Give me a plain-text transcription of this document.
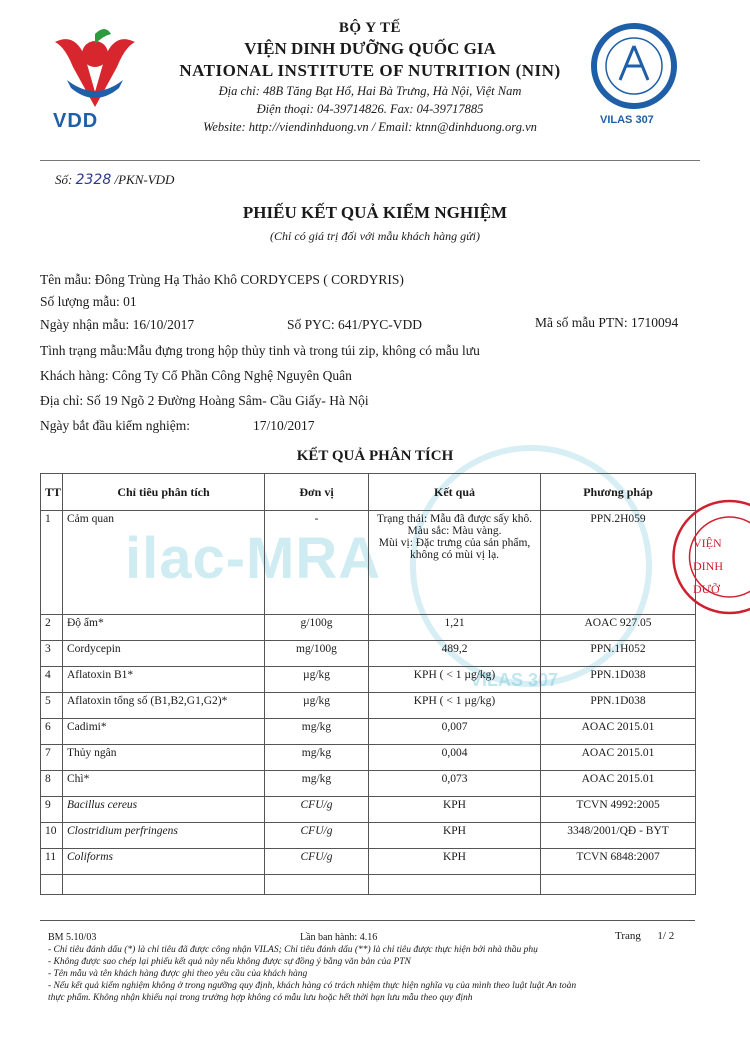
ilac-MRA
VILAS 307
VDD
BỘ Y TẾ
VIỆN DINH DƯỠNG QUỐC GIA
NATIONAL INSTITUTE OF NUTRITION (NIN)
Địa chỉ: 48B Tăng Bạt Hổ, Hai Bà Trưng, Hà Nội, Việt Nam
Điện thoại: 04-39714826. Fax: 04-39717885
Website: http://viendinhduong.vn / Email: ktnn@dinhduong.org.vn	VILAS 307
Số: 2328 /PKN-VDD
PHIẾU KẾT QUẢ KIỂM NGHIỆM
(Chỉ có giá trị đối với mẫu khách hàng gửi)
Tên mẫu: Đông Trùng Hạ Thảo Khô CORDYCEPS ( CORDYRIS)
Số lượng mẫu: 01
Ngày nhận mẫu: 16/10/2017	Số PYC: 641/PYC-VDD	Mã số mẫu PTN: 1710094
Tình trạng mẫu:Mẫu đựng trong hộp thủy tinh và trong túi zip, không có mẫu lưu
Khách hàng: Công Ty Cổ Phần Công Nghệ Nguyên Quân
Địa chỉ: Số 19 Ngõ 2 Đường Hoàng Sâm- Cầu Giấy- Hà Nội
Ngày bắt đầu kiểm nghiệm:	17/10/2017
KẾT QUẢ PHÂN TÍCH
TT	Chỉ tiêu phân tích	Đơn vị	Kết quả	Phương pháp
1	Cảm quan	-	Trạng thái: Mẫu đã được sấy khô.
Màu sắc: Màu vàng.
Mùi vị: Đặc trưng của sản phẩm, không có mùi vị lạ.	PPN.2H059
2	Độ ẩm*	g/100g	1,21	AOAC 927.05
3	Cordycepin	mg/100g	489,2	PPN.1H052
4	Aflatoxin B1*	µg/kg	KPH ( < 1 µg/kg)	PPN.1D038
5	Aflatoxin tổng số (B1,B2,G1,G2)*	µg/kg	KPH ( < 1 µg/kg)	PPN.1D038
6	Cadimi*	mg/kg	0,007	AOAC 2015.01
7	Thủy ngân	mg/kg	0,004	AOAC 2015.01
8	Chì*	mg/kg	0,073	AOAC 2015.01
9	Bacillus cereus	CFU/g	KPH	TCVN 4992:2005
10	Clostridium perfringens	CFU/g	KPH	3348/2001/QĐ - BYT
11	Coliforms	CFU/g	KPH	TCVN 6848:2007

VIỆN
DINH DƯỠ
BM 5.10/03	Lần ban hành: 4.16	Trang 1/ 2
- Chỉ tiêu đánh dấu (*) là chỉ tiêu đã được công nhận VILAS; Chỉ tiêu đánh dấu (**) là chỉ tiêu được thực hiện bởi nhà thầu phụ
- Không được sao chép lại phiếu kết quả này nếu không được sự đồng ý bằng văn bản của PTN
- Tên mẫu và tên khách hàng được ghi theo yêu cầu của khách hàng
- Nếu kết quả kiểm nghiệm không ở trong ngưỡng quy định, khách hàng có trách nhiệm thực hiện nghĩa vụ của mình theo luật luật An toàn
thực phẩm. Không nhận khiếu nại trong trường hợp không có mẫu lưu hoặc hết thời hạn lưu mẫu theo quy định
